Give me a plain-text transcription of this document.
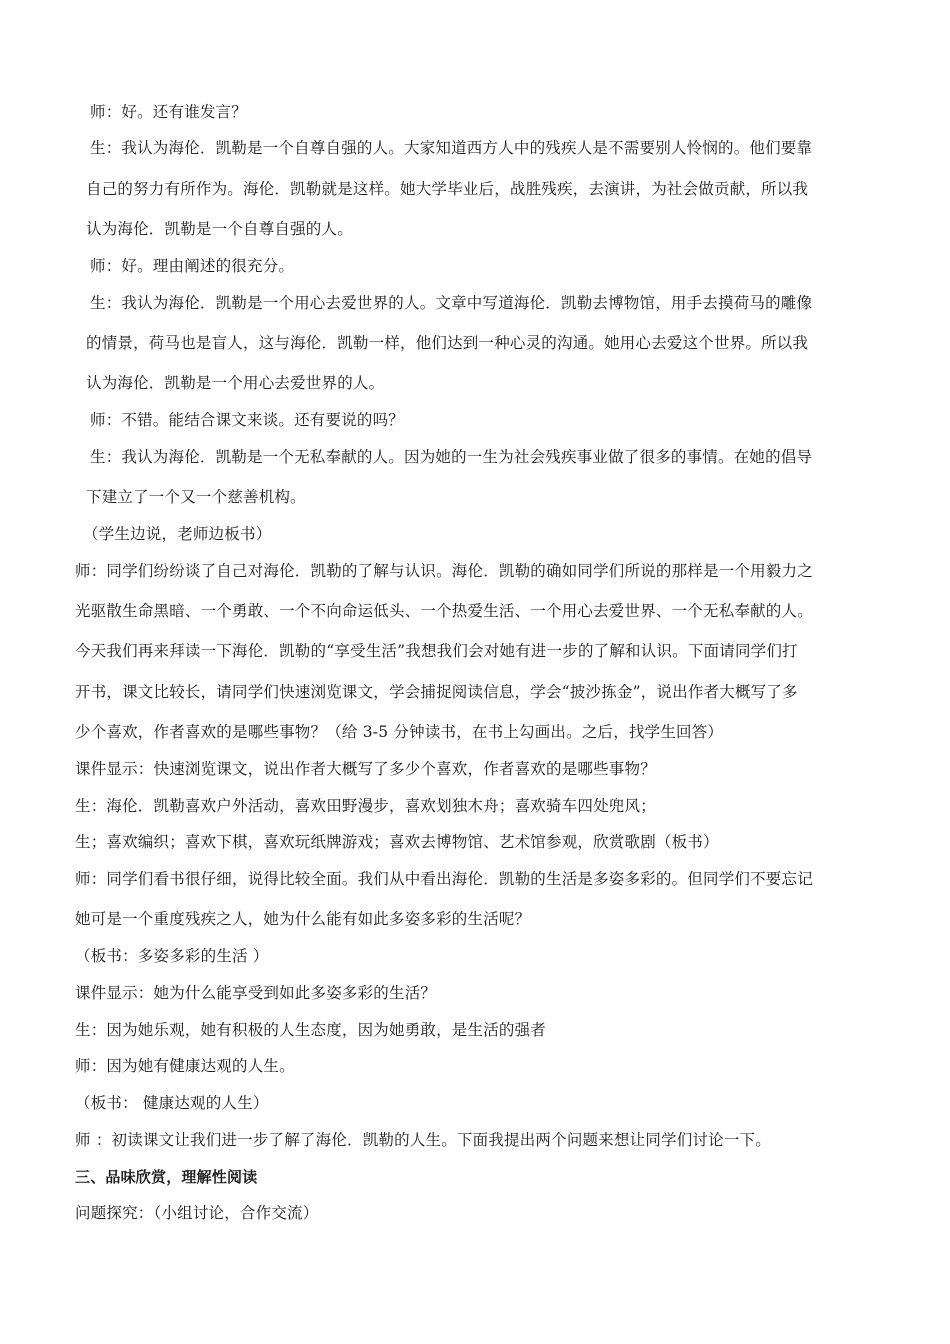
师：好。还有谁发言？
生：我认为海伦．凯勒是一个自尊自强的人。大家知道西方人中的残疾人是不需要别人怜悯的。他们要靠
自己的努力有所作为。海伦．凯勒就是这样。她大学毕业后，战胜残疾，去演讲，为社会做贡献，所以我
认为海伦．凯勒是一个自尊自强的人。
师：好。理由阐述的很充分。
生：我认为海伦．凯勒是一个用心去爱世界的人。文章中写道海伦．凯勒去博物馆，用手去摸荷马的雕像
的情景，荷马也是盲人，这与海伦．凯勒一样，他们达到一种心灵的沟通。她用心去爱这个世界。所以我
认为海伦．凯勒是一个用心去爱世界的人。
师：不错。能结合课文来谈。还有要说的吗？
生：我认为海伦．凯勒是一个无私奉献的人。因为她的一生为社会残疾事业做了很多的事情。在她的倡导
下建立了一个又一个慈善机构。
（学生边说，老师边板书）
师：同学们纷纷谈了自己对海伦．凯勒的了解与认识。海伦．凯勒的确如同学们所说的那样是一个用毅力之
光驱散生命黑暗、一个勇敢、一个不向命运低头、一个热爱生活、一个用心去爱世界、一个无私奉献的人。
今天我们再来拜读一下海伦．凯勒的“享受生活”我想我们会对她有进一步的了解和认识。下面请同学们打
开书，课文比较长，请同学们快速浏览课文，学会捕捉阅读信息，学会“披沙拣金”，说出作者大概写了多
少个喜欢，作者喜欢的是哪些事物？（给 3-5 分钟读书，在书上勾画出。之后，找学生回答）
课件显示：快速浏览课文，说出作者大概写了多少个喜欢，作者喜欢的是哪些事物？
生：海伦．凯勒喜欢户外活动，喜欢田野漫步，喜欢划独木舟；喜欢骑车四处兜风；
生；喜欢编织；喜欢下棋，喜欢玩纸牌游戏；喜欢去博物馆、艺术馆参观，欣赏歌剧（板书）
师：同学们看书很仔细，说得比较全面。我们从中看出海伦．凯勒的生活是多姿多彩的。但同学们不要忘记
她可是一个重度残疾之人，她为什么能有如此多姿多彩的生活呢？
（板书：多姿多彩的生活 ）
课件显示：她为什么能享受到如此多姿多彩的生活？
生：因为她乐观，她有积极的人生态度，因为她勇敢，是生活的强者
师：因为她有健康达观的人生。
（板书： 健康达观的人生）
师 ：初读课文让我们进一步了解了海伦．凯勒的人生。下面我提出两个问题来想让同学们讨论一下。
三、品味欣赏，理解性阅读
问题探究：（小组讨论，合作交流）
